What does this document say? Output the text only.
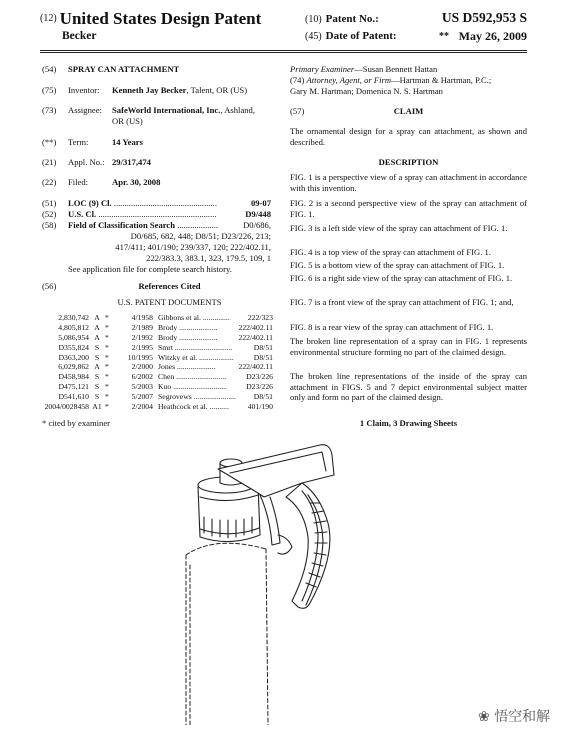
(12) United States Design Patent
Becker
(10) Patent No.:	US D592,953 S
(45) Date of Patent:	** May 26, 2009
(54) SPRAY CAN ATTACHMENT
(75) Inventor: Kenneth Jay Becker, Talent, OR (US)
(73) Assignee: SafeWorld International, Inc., Ashland,
OR (US)
(**) Term:	14 Years
(21) Appl. No.: 29/317,474
(22) Filed:	Apr. 30, 2008
(51) LOC (9) Cl. ................................................	09-07
(52) U.S. Cl. .......................................................	D9/448
(58) Field of Classification Search ...................	D0/686,
D0/685, 682, 448; D8/51; D23/226, 213;
417/411; 401/190; 239/337, 120; 222/402.11,
222/383.3, 383.1, 323, 179.5, 109, 1
See application file for complete search history.
(56)	References Cited
U.S. PATENT DOCUMENTS
2,830,742 A *	4/1958 Gibbons et al. ..............	222/323
4,805,812 A *	2/1989 Brody ....................	222/402.11
5,086,954 A *	2/1992 Brody ....................	222/402.11
D355,824 S *	2/1995 Smrt ..............................	D8/51
D363,200 S *	10/1995 Witzky et al. ..................	D8/51
6,029,862 A *	2/2000 Jones ....................	222/402.11
D458,984 S *	6/2002 Chen ..........................	D23/226
D475,121 S *	5/2003 Kuo ............................	D23/226
D541,610 S *	5/2007 Segrovews ......................	D8/51
2004/0028458 A1 *	2/2004 Heathcock et al. ..........	401/190
* cited by examiner
Primary Examiner—Susan Bennett Hattan
(74) Attorney, Agent, or Firm—Hartman & Hartman, P.C.;
Gary M. Hartman; Domenica N. S. Hartman
(57)	CLAIM
The ornamental design for a spray can attachment, as shown and described.
DESCRIPTION
FIG. 1 is a perspective view of a spray can attachment in accordance with this invention.
FIG. 2 is a second perspective view of the spray can attachment of FIG. 1.
FIG. 3 is a left side view of the spray can attachment of FIG. 1.
FIG. 4 is a top view of the spray can attachment of FIG. 1.
FIG. 5 is a bottom view of the spray can attachment of FIG. 1.
FIG. 6 is a right side view of the spray can attachment of FIG. 1.
FIG. 7 is a front view of the spray can attachment of FIG. 1; and,
FIG. 8 is a rear view of the spray can attachment of FIG. 1.
The broken line representation of a spray can in FIG. 1 represents environmental structure forming no part of the claimed design.
The broken line representations of the inside of the spray can attachment in FIGS. 5 and 7 depict environmental subject matter only and form no part of the claimed design.
1 Claim, 3 Drawing Sheets
❀ 悟空和解
